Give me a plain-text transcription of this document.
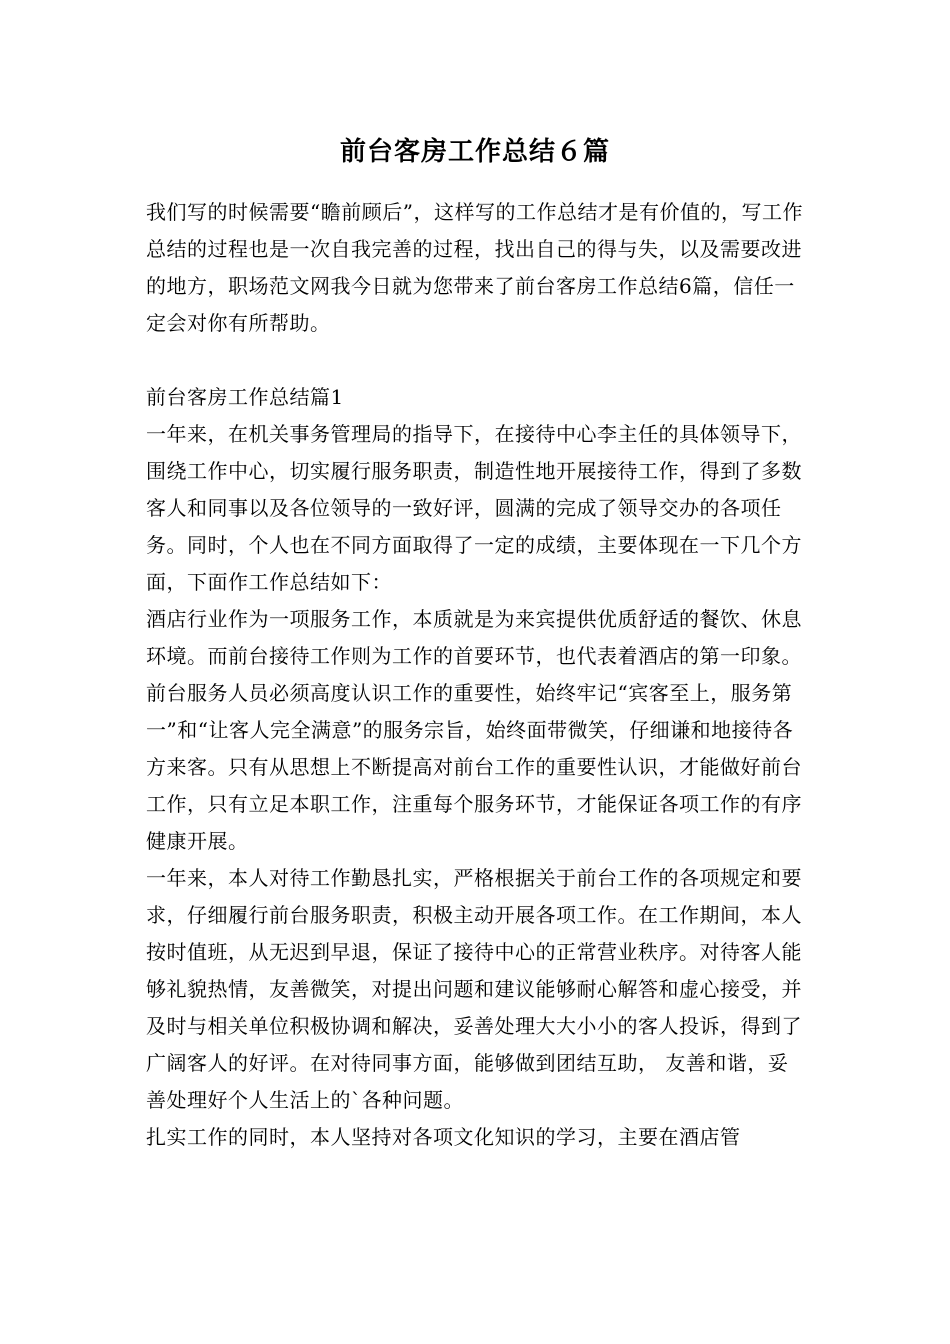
前台客房工作总结６篇
我们写的时候需要“瞻前顾后”，这样写的工作总结才是有价值的，写工作总结的过程也是一次自我完善的过程，找出自己的得与失，以及需要改进的地方，职场范文网我今日就为您带来了前台客房工作总结6篇，信任一定会对你有所帮助。

前台客房工作总结篇1

一年来，在机关事务管理局的指导下，在接待中心李主任的具体领导下，围绕工作中心，切实履行服务职责，制造性地开展接待工作，得到了多数客人和同事以及各位领导的一致好评，圆满的完成了领导交办的各项任务。同时，个人也在不同方面取得了一定的成绩，主要体现在一下几个方面，下面作工作总结如下：

酒店行业作为一项服务工作，本质就是为来宾提供优质舒适的餐饮、休息环境。而前台接待工作则为工作的首要环节，也代表着酒店的第一印象。前台服务人员必须高度认识工作的重要性，始终牢记“宾客至上，服务第一”和“让客人完全满意”的服务宗旨，始终面带微笑，仔细谦和地接待各方来客。只有从思想上不断提高对前台工作的重要性认识，才能做好前台工作，只有立足本职工作，注重每个服务环节，才能保证各项工作的有序健康开展。

一年来，本人对待工作勤恳扎实，严格根据关于前台工作的各项规定和要求，仔细履行前台服务职责，积极主动开展各项工作。在工作期间，本人按时值班，从无迟到早退，保证了接待中心的正常营业秩序。对待客人能够礼貌热情，友善微笑，对提出问题和建议能够耐心解答和虚心接受，并及时与相关单位积极协调和解决，妥善处理大大小小的客人投诉，得到了广阔客人的好评。在对待同事方面，能够做到团结互助， 友善和谐，妥善处理好个人生活上的`各种问题。

扎实工作的同时，本人坚持对各项文化知识的学习，主要在酒店管
